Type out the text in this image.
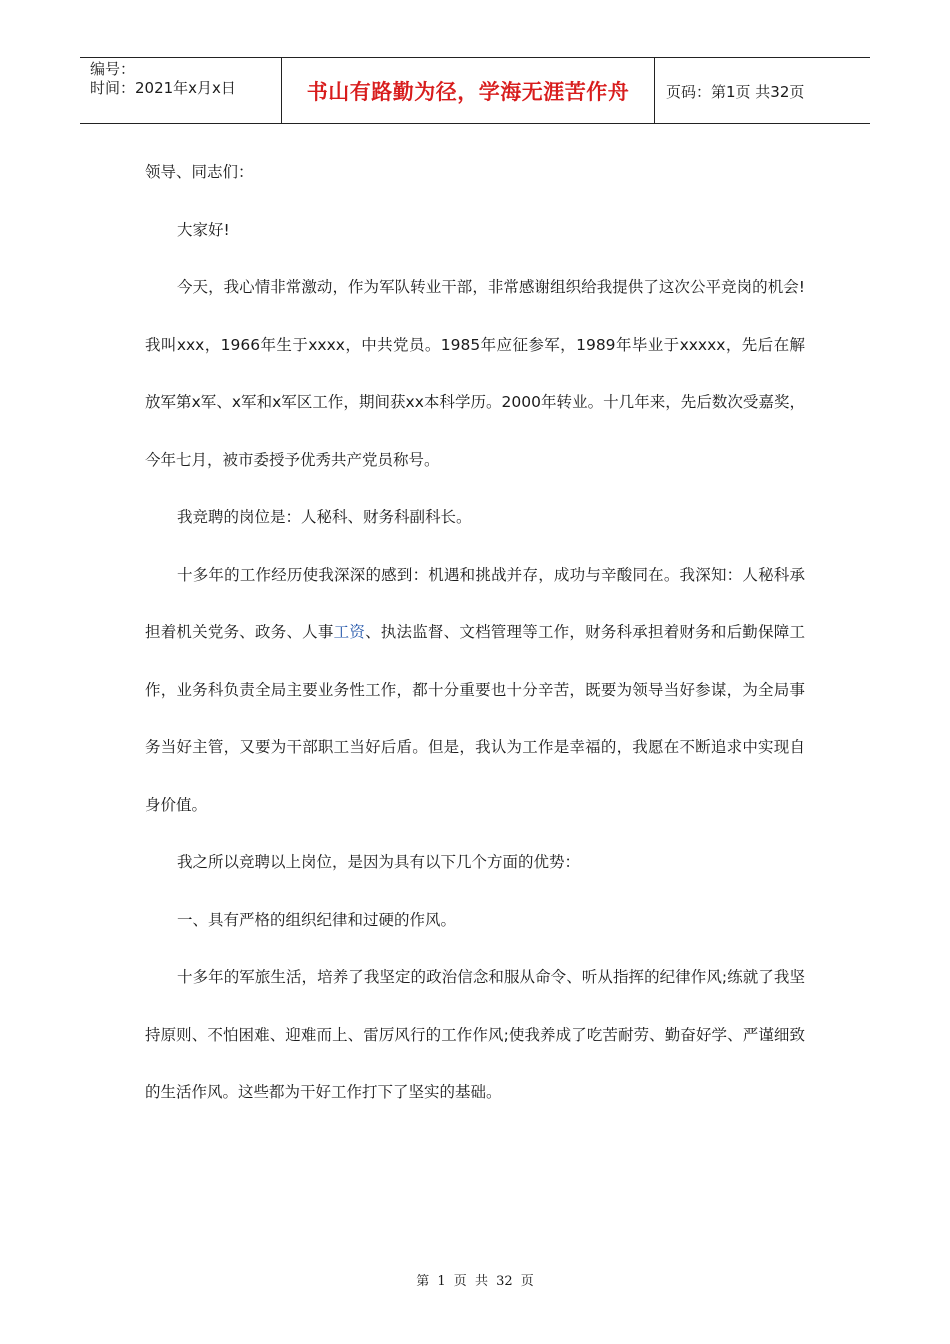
编号：
时间：2021年x月x日	书山有路勤为径，学海无涯苦作舟	页码：第1页 共32页

领导、同志们：

大家好!

今天，我心情非常激动，作为军队转业干部，非常感谢组织给我提供了这次公平竞岗的机会!我叫xxx，1966年生于xxxx，中共党员。1985年应征参军，1989年毕业于xxxxx，先后在解放军第x军、x军和x军区工作，期间获xx本科学历。2000年转业。十几年来，先后数次受嘉奖，今年七月，被市委授予优秀共产党员称号。

我竞聘的岗位是：人秘科、财务科副科长。

十多年的工作经历使我深深的感到：机遇和挑战并存，成功与辛酸同在。我深知：人秘科承担着机关党务、政务、人事工资、执法监督、文档管理等工作，财务科承担着财务和后勤保障工作，业务科负责全局主要业务性工作，都十分重要也十分辛苦，既要为领导当好参谋，为全局事务当好主管，又要为干部职工当好后盾。但是，我认为工作是幸福的，我愿在不断追求中实现自身价值。

我之所以竞聘以上岗位，是因为具有以下几个方面的优势：

一、具有严格的组织纪律和过硬的作风。

十多年的军旅生活，培养了我坚定的政治信念和服从命令、听从指挥的纪律作风;练就了我坚持原则、不怕困难、迎难而上、雷厉风行的工作作风;使我养成了吃苦耐劳、勤奋好学、严谨细致的生活作风。这些都为干好工作打下了坚实的基础。

第 1 页 共 32 页
